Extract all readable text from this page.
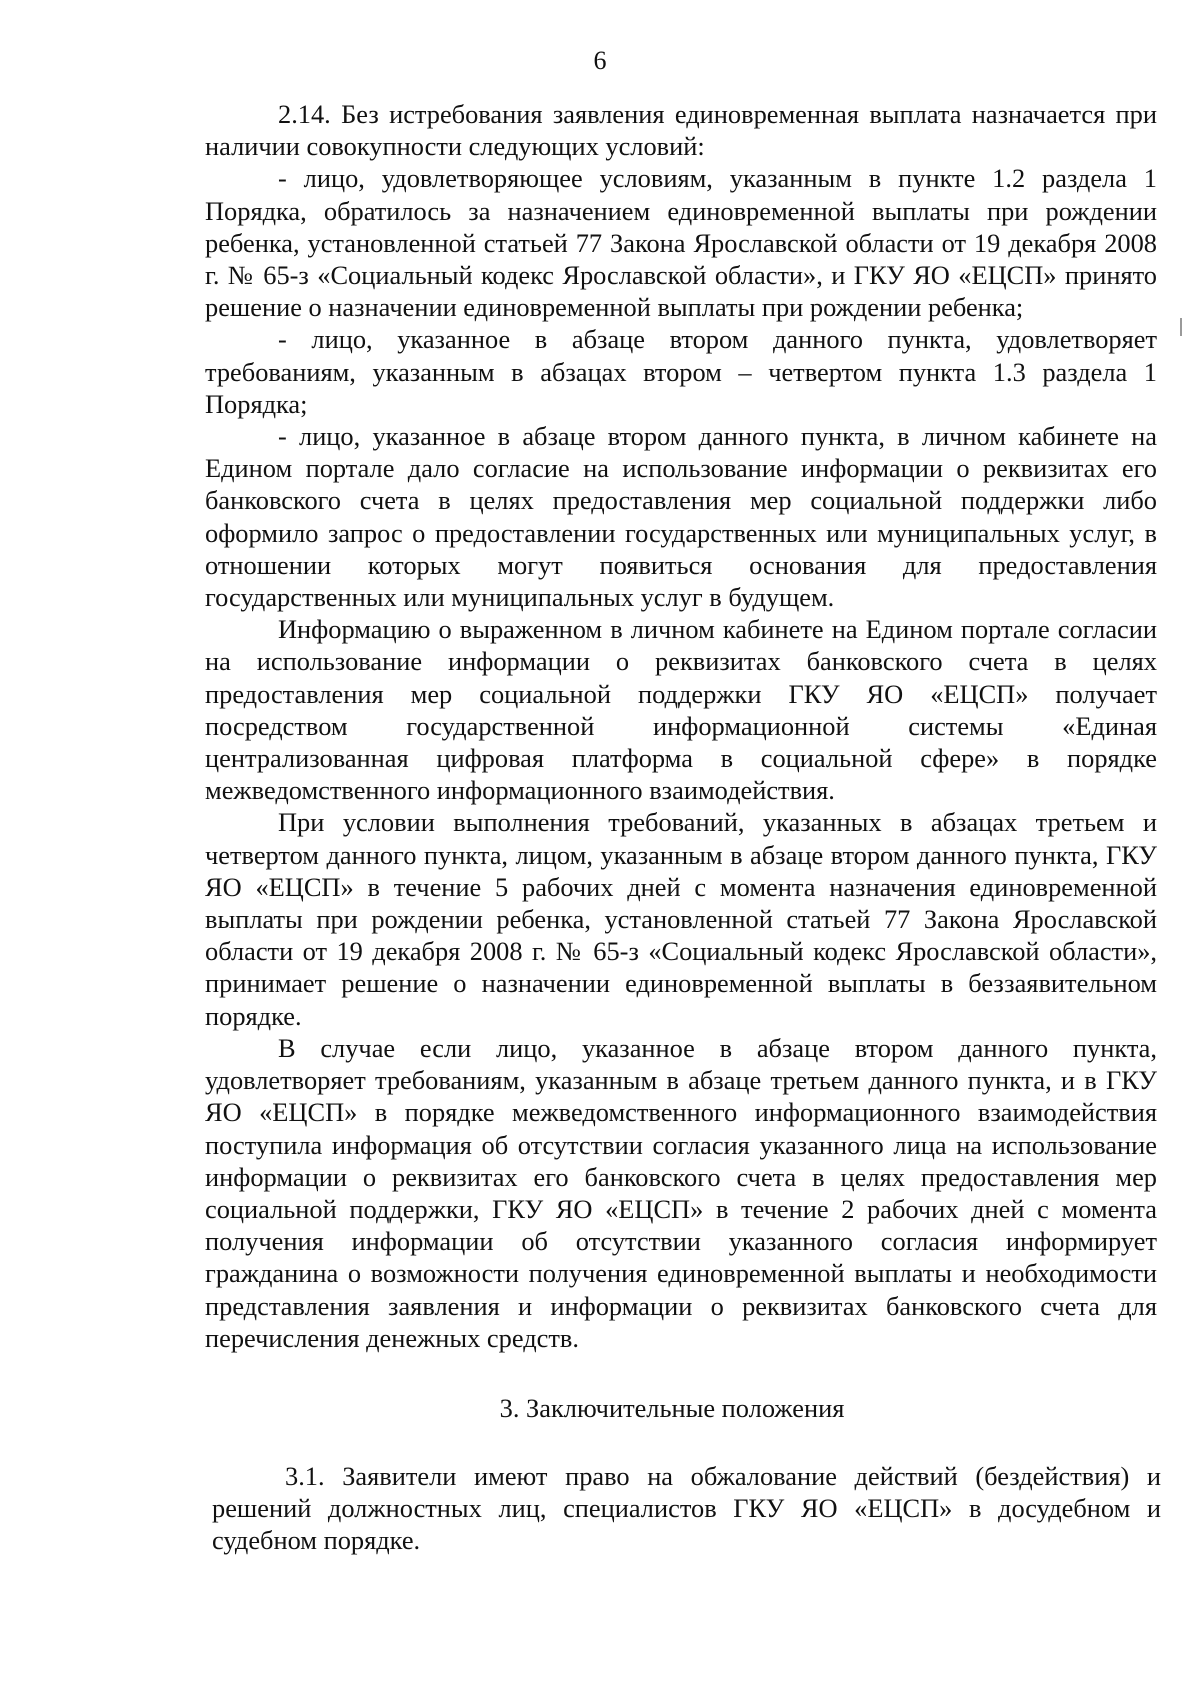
6

2.14. Без истребования заявления единовременная выплата назначается при наличии совокупности следующих условий:

- лицо, удовлетворяющее условиям, указанным в пункте 1.2 раздела 1 Порядка, обратилось за назначением единовременной выплаты при рождении ребенка, установленной статьей 77 Закона Ярославской области от 19 декабря 2008 г. № 65-з «Социальный кодекс Ярославской области», и ГКУ ЯО «ЕЦСП» принято решение о назначении единовременной выплаты при рождении ребенка;

- лицо, указанное в абзаце втором данного пункта, удовлетворяет требованиям, указанным в абзацах втором – четвертом пункта 1.3 раздела 1 Порядка;

- лицо, указанное в абзаце втором данного пункта, в личном кабинете на Едином портале дало согласие на использование информации о реквизитах его банковского счета в целях предоставления мер социальной поддержки либо оформило запрос о предоставлении государственных или муниципальных услуг, в отношении которых могут появиться основания для предоставления государственных или муниципальных услуг в будущем.

Информацию о выраженном в личном кабинете на Едином портале согласии на использование информации о реквизитах банковского счета в целях предоставления мер социальной поддержки ГКУ ЯО «ЕЦСП» получает посредством государственной информационной системы «Единая централизованная цифровая платформа в социальной сфере» в порядке межведомственного информационного взаимодействия.

При условии выполнения требований, указанных в абзацах третьем и четвертом данного пункта, лицом, указанным в абзаце втором данного пункта, ГКУ ЯО «ЕЦСП» в течение 5 рабочих дней с момента назначения единовременной выплаты при рождении ребенка, установленной статьей 77 Закона Ярославской области от 19 декабря 2008 г. № 65-з «Социальный кодекс Ярославской области», принимает решение о назначении единовременной выплаты в беззаявительном порядке.

В случае если лицо, указанное в абзаце втором данного пункта, удовлетворяет требованиям, указанным в абзаце третьем данного пункта, и в ГКУ ЯО «ЕЦСП» в порядке межведомственного информационного взаимодействия поступила информация об отсутствии согласия указанного лица на использование информации о реквизитах его банковского счета в целях предоставления мер социальной поддержки, ГКУ ЯО «ЕЦСП» в течение 2 рабочих дней с момента получения информации об отсутствии указанного согласия информирует гражданина о возможности получения единовременной выплаты и необходимости представления заявления и информации о реквизитах банковского счета для перечисления денежных средств.

3. Заключительные положения

3.1. Заявители имеют право на обжалование действий (бездействия) и решений должностных лиц, специалистов ГКУ ЯО «ЕЦСП» в досудебном и судебном порядке.
